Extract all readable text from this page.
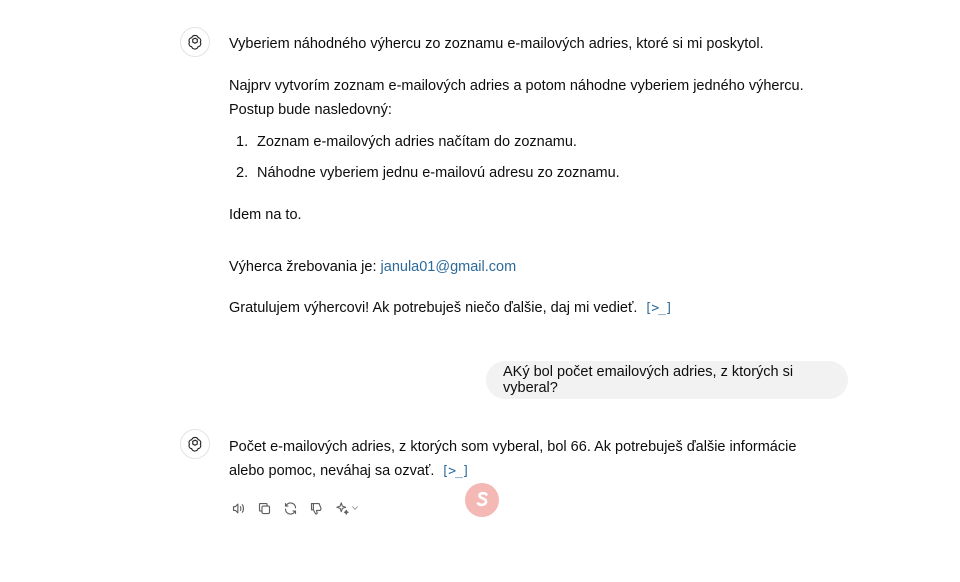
Vyberiem náhodného výhercu zo zoznamu e-mailových adries, ktoré si mi poskytol.
Najprv vytvorím zoznam e-mailových adries a potom náhodne vyberiem jedného výhercu. Postup bude nasledovný:
1. Zoznam e-mailových adries načítam do zoznamu.
2. Náhodne vyberiem jednu e-mailovú adresu zo zoznamu.
Idem na to.
Výherca žrebovania je: janula01@gmail.com
Gratulujem výhercovi! Ak potrebuješ niečo ďalšie, daj mi vedieť. [>_]
AKý bol počet emailových adries, z ktorých si vyberal?
Počet e-mailových adries, z ktorých som vyberal, bol 66. Ak potrebuješ ďalšie informácie alebo pomoc, neváhaj sa ozvať. [>_]
